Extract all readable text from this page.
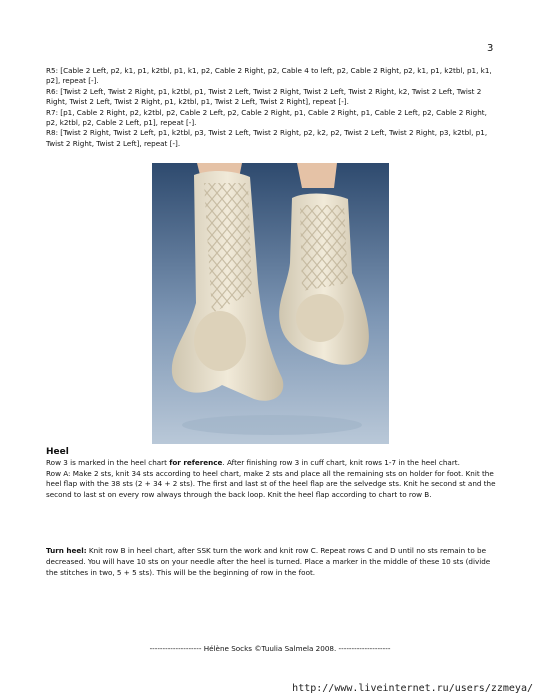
3

R5: [Cable 2 Left, p2, k1, p1, k2tbl, p1, k1, p2, Cable 2 Right, p2, Cable 4 to left, p2, Cable 2 Right, p2, k1, p1, k2tbl, p1, k1, p2], repeat [-].

R6: [Twist 2 Left, Twist 2 Right, p1, k2tbl, p1, Twist 2 Left, Twist 2 Right, Twist 2 Left, Twist 2 Right, k2, Twist 2 Left, Twist 2 Right, Twist 2 Left, Twist 2 Right, p1, k2tbl, p1, Twist 2 Left, Twist 2 Right], repeat [-].

R7: [p1, Cable 2 Right, p2, k2tbl, p2, Cable 2 Left, p2, Cable 2 Right, p1, Cable 2 Right, p1, Cable 2 Left, p2, Cable 2 Right, p2, k2tbl, p2, Cable 2 Left, p1], repeat [-].

R8: [Twist 2 Right, Twist 2 Left, p1, k2tbl, p3, Twist 2 Left, Twist 2 Right, p2, k2, p2, Twist 2 Left, Twist 2 Right, p3, k2tbl, p1, Twist 2 Right, Twist 2 Left], repeat [-].

Heel

Row 3 is marked in the heel chart for reference. After finishing row 3 in cuff chart, knit rows 1-7 in the heel chart.

Row A: Make 2 sts, knit 34 sts according to heel chart, make 2 sts and place all the remaining sts on holder for foot. Knit the heel flap with the 38 sts (2 + 34 + 2 sts). The first and last st of the heel flap are the selvedge sts. Knit he second st and the second to last st on every row always through the back loop. Knit the heel flap according to chart to row B.

Turn heel: Knit row B in heel chart, after SSK turn the work and knit row C. Repeat rows C and D until no sts remain to be decreased. You will have 10 sts on your needle after the heel is turned. Place a marker in the middle of these 10 sts (divide the stitches in two, 5 + 5 sts). This will be the beginning of row in the foot.

-------------------- Hélène Socks ©Tuulia Salmela 2008. --------------------
http://www.liveinternet.ru/users/zzmeya/
